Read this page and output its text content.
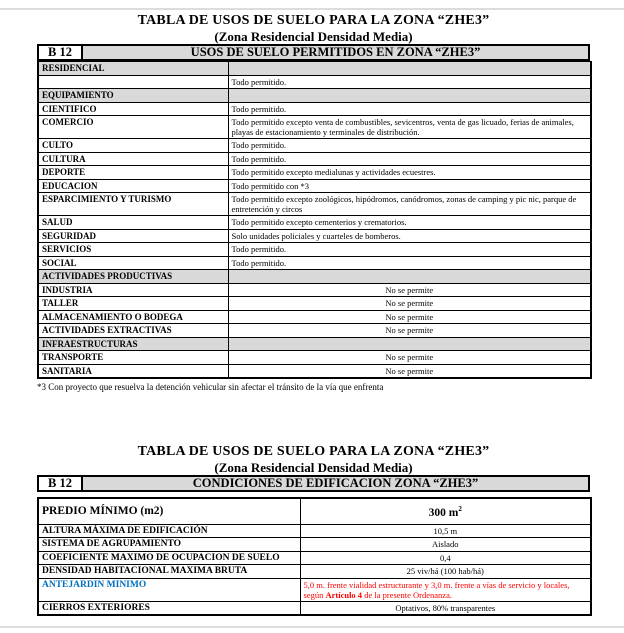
TABLA DE USOS DE SUELO PARA LA ZONA “ZHE3”
(Zona Residencial Densidad Media)
B 12	USOS DE SUELO PERMITIDOS EN ZONA “ZHE3”
RESIDENCIAL	
	Todo permitido.
EQUIPAMIENTO	
CIENTIFICO	Todo permitido.
COMERCIO	Todo permitido excepto venta de combustibles, sevicentros, venta de gas licuado, ferias de animales, playas de estacionamiento y terminales de distribución.
CULTO	Todo permitido.
CULTURA	Todo permitido.
DEPORTE	Todo permitido excepto medialunas y actividades ecuestres.
EDUCACION	Todo permitido con *3
ESPARCIMIENTO Y TURISMO	Todo permitido excepto zoológicos, hipódromos, canódromos, zonas de camping y pic nic, parque de entretención y circos
SALUD	Todo permitido excepto cementerios y crematorios.
SEGURIDAD	Solo unidades policiales y cuarteles de bomberos.
SERVICIOS	Todo permitido.
SOCIAL	Todo permitido.
ACTIVIDADES PRODUCTIVAS	
INDUSTRIA	No se permite
TALLER	No se permite
ALMACENAMIENTO O BODEGA	No se permite
ACTIVIDADES EXTRACTIVAS	No se permite
INFRAESTRUCTURAS	
TRANSPORTE	No se permite
SANITARIA	No se permite
*3 Con proyecto que resuelva la detención vehicular sin afectar el tránsito de la vía que enfrenta
TABLA DE USOS DE SUELO PARA LA ZONA “ZHE3”
(Zona Residencial Densidad Media)
B 12	CONDICIONES DE EDIFICACION ZONA “ZHE3”
PREDIO MÍNIMO (m2)	300 $m^2$
ALTURA MÁXIMA DE EDIFICACIÓN	10,5 m
SISTEMA DE AGRUPAMIENTO	Aislado
COEFICIENTE MAXIMO DE OCUPACION DE SUELO	0,4
DENSIDAD HABITACIONAL MAXIMA BRUTA	25 viv/há (100 hab/há)
ANTEJARDIN MINIMO	5,0 m. frente vialidad estructurante y 3,0 m. frente a vías de servicio y locales, según Artículo 4 de la presente Ordenanza.
CIERROS EXTERIORES	Optativos, 80% transparentes
